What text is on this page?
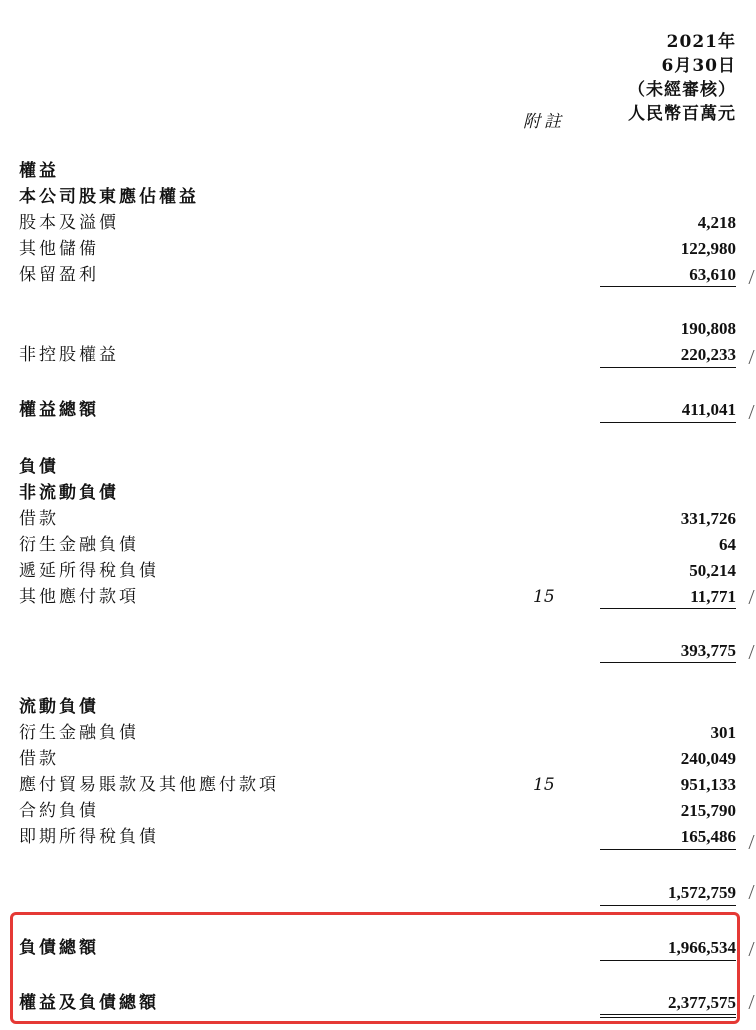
2021年
6月30日
（未經審核）
人民幣百萬元
附註
權益
本公司股東應佔權益
股本及溢價	4,218
其他儲備	122,980
保留盈利	63,610
190,808
非控股權益	220,233
權益總額	411,041
負債
非流動負債
借款	331,726
衍生金融負債	64
遞延所得稅負債	50,214
其他應付款項	15	11,771
393,775
流動負債
衍生金融負債	301
借款	240,049
應付貿易賬款及其他應付款項	15	951,133
合約負債	215,790
即期所得稅負債	165,486
1,572,759
負債總額	1,966,534
權益及負債總額	2,377,575
